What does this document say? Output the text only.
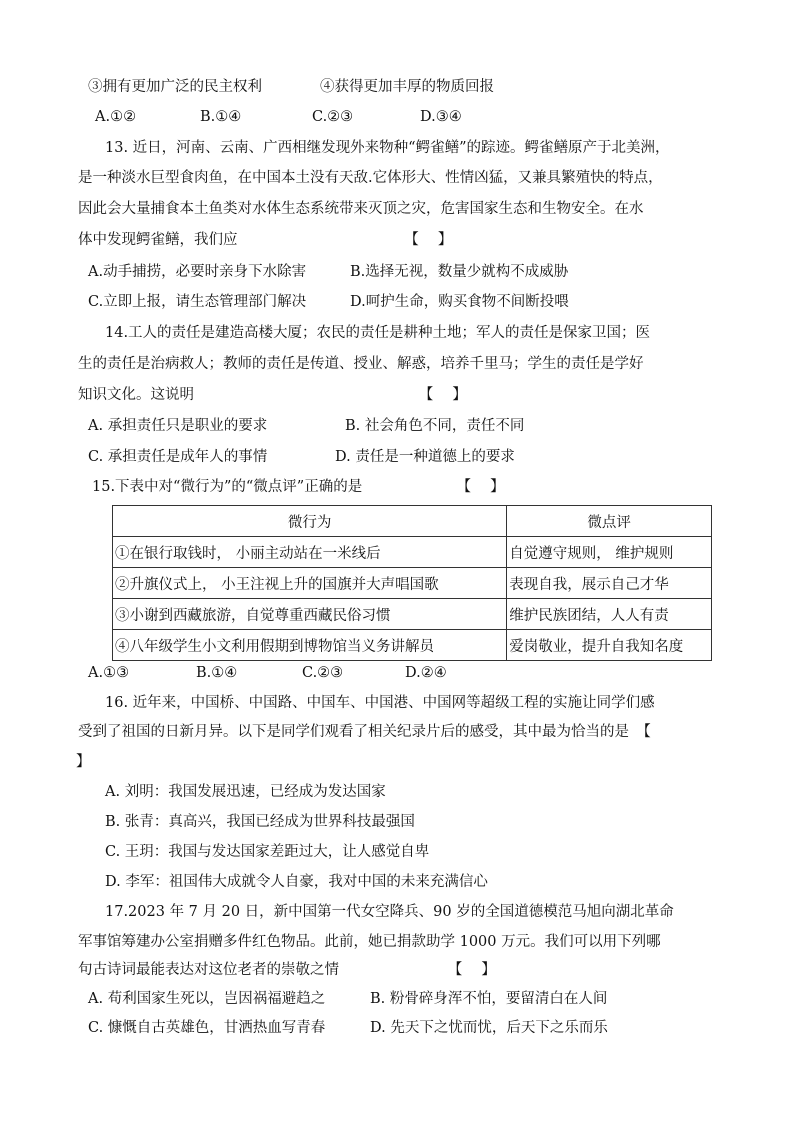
③拥有更加广泛的民主权利　　　　④获得更加丰厚的物质回报
A.①②	B.①④	C.②③	D.③④
13. 近日，河南、云南、广西相继发现外来物种“鳄雀鳝”的踪迹。鳄雀鳝原产于北美洲，
是一种淡水巨型食肉鱼，在中国本土没有天敌.它体形大、性情凶猛，又兼具繁殖快的特点，
因此会大量捕食本土鱼类对水体生态系统带来灭顶之灾，危害国家生态和生物安全。在水
体中发现鳄雀鳝，我们应　　　　　　　　　　　　【　 】
A.动手捕捞，必要时亲身下水除害	B.选择无视，数量少就构不成威胁
C.立即上报，请生态管理部门解决	D.呵护生命，购买食物不间断投喂
14.工人的责任是建造高楼大厦；农民的责任是耕种土地；军人的责任是保家卫国；医
生的责任是治病救人；教师的责任是传道、授业、解惑，培养千里马；学生的责任是学好
知识文化。这说明　　　　　　　　　　　　　　　　【　 】
A. 承担责任只是职业的要求	B. 社会角色不同，责任不同
C. 承担责任是成年人的事情	D. 责任是一种道德上的要求
15.下表中对“微行为”的“微点评”正确的是　　　　　　　【　 】
微行为	微点评
①在银行取钱时， 小丽主动站在一米线后	自觉遵守规则， 维护规则
②升旗仪式上， 小王注视上升的国旗并大声唱国歌	表现自我，展示自己才华
③小谢到西藏旅游，自觉尊重西藏民俗习惯	维护民族团结，人人有责
④八年级学生小文利用假期到博物馆当义务讲解员	爱岗敬业，提升自我知名度
A.①③	B.①④	C.②③	D.②④
16. 近年来，中国桥、中国路、中国车、中国港、中国网等超级工程的实施让同学们感
受到了祖国的日新月异。以下是同学们观看了相关纪录片后的感受，其中最为恰当的是　【
】
A. 刘明：我国发展迅速，已经成为发达国家
B. 张青：真高兴，我国已经成为世界科技最强国
C. 王玥：我国与发达国家差距过大，让人感觉自卑
D. 李军：祖国伟大成就令人自豪，我对中国的未来充满信心
17.2023 年 7 月 20 日，新中国第一代女空降兵、90 岁的全国道德模范马旭向湖北革命
军事馆筹建办公室捐赠多件红色物品。此前，她已捐款助学 1000 万元。我们可以用下列哪
句古诗词最能表达对这位老者的崇敬之情　　　　　　　　【　 】
A. 苟利国家生死以，岂因祸福避趋之	B. 粉骨碎身浑不怕，要留清白在人间
C. 慷慨自古英雄色，甘洒热血写青春	D. 先天下之忧而忧，后天下之乐而乐
